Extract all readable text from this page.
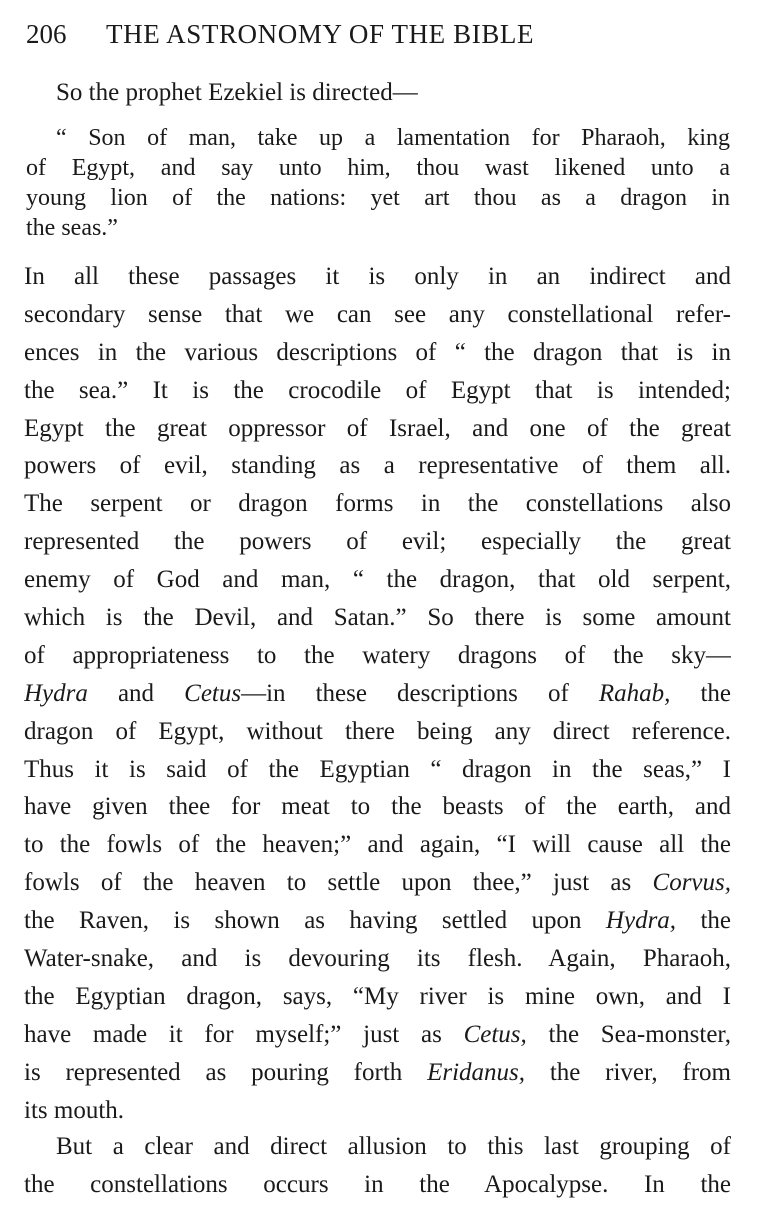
206 THE ASTRONOMY OF THE BIBLE
So the prophet Ezekiel is directed—
“ Son of man, take up a lamentation for Pharaoh, king
of Egypt, and say unto him, thou wast likened unto a
young lion of the nations: yet art thou as a dragon in
the seas.”
In all these passages it is only in an indirect and
secondary sense that we can see any constellational refer-
ences in the various descriptions of “ the dragon that is in
the sea.” It is the crocodile of Egypt that is intended;
Egypt the great oppressor of Israel, and one of the great
powers of evil, standing as a representative of them all.
The serpent or dragon forms in the constellations also
represented the powers of evil; especially the great
enemy of God and man, “ the dragon, that old serpent,
which is the Devil, and Satan.” So there is some amount
of appropriateness to the watery dragons of the sky—
Hydra and Cetus—in these descriptions of Rahab, the
dragon of Egypt, without there being any direct reference.
Thus it is said of the Egyptian “ dragon in the seas,” I
have given thee for meat to the beasts of the earth, and
to the fowls of the heaven;” and again, “I will cause all the
fowls of the heaven to settle upon thee,” just as Corvus,
the Raven, is shown as having settled upon Hydra, the
Water-snake, and is devouring its flesh. Again, Pharaoh,
the Egyptian dragon, says, “My river is mine own, and I
have made it for myself;” just as Cetus, the Sea-monster,
is represented as pouring forth Eridanus, the river, from
its mouth.
But a clear and direct allusion to this last grouping of
the constellations occurs in the Apocalypse. In the
